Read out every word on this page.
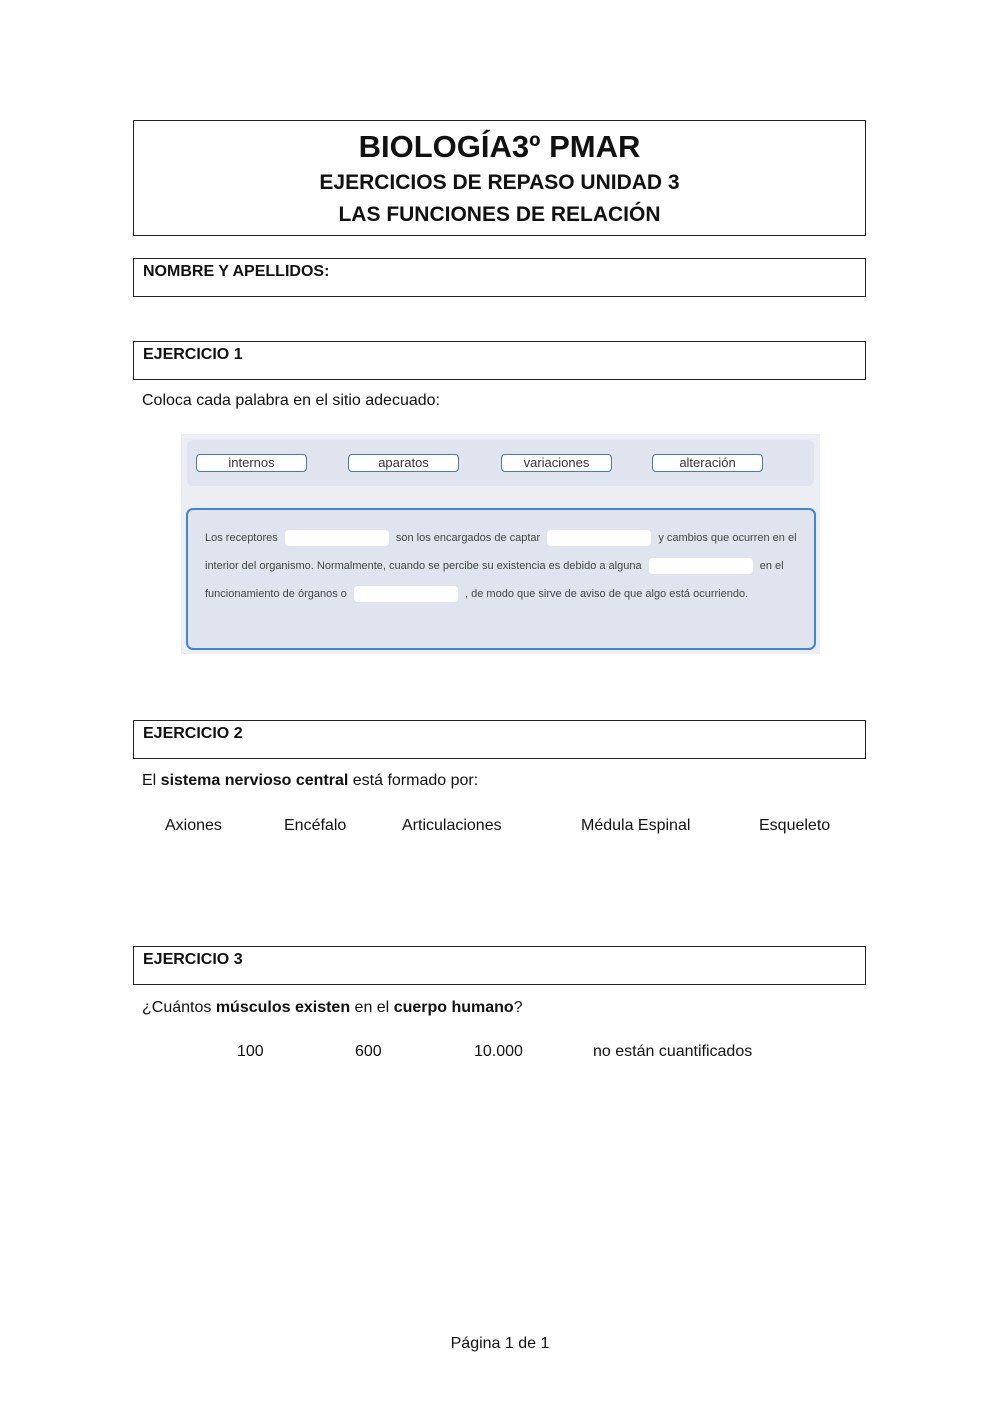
BIOLOGÍA3º PMAR
EJERCICIOS DE REPASO UNIDAD 3
LAS FUNCIONES DE RELACIÓN
NOMBRE Y APELLIDOS:
EJERCICIO 1
Coloca cada palabra en el sitio adecuado:
internos	aparatos	variaciones	alteración
Los receptores	son los encargados de captar	y cambios que ocurren en el interior del organismo. Normalmente, cuando se percibe su existencia es debido a alguna	en el funcionamiento de órganos o	, de modo que sirve de aviso de que algo está ocurriendo.
EJERCICIO 2
El sistema nervioso central está formado por:
Axiones	Encéfalo	Articulaciones	Médula Espinal	Esqueleto
EJERCICIO 3
¿Cuántos músculos existen en el cuerpo humano?
100	600	10.000	no están cuantificados
Página 1 de 1
